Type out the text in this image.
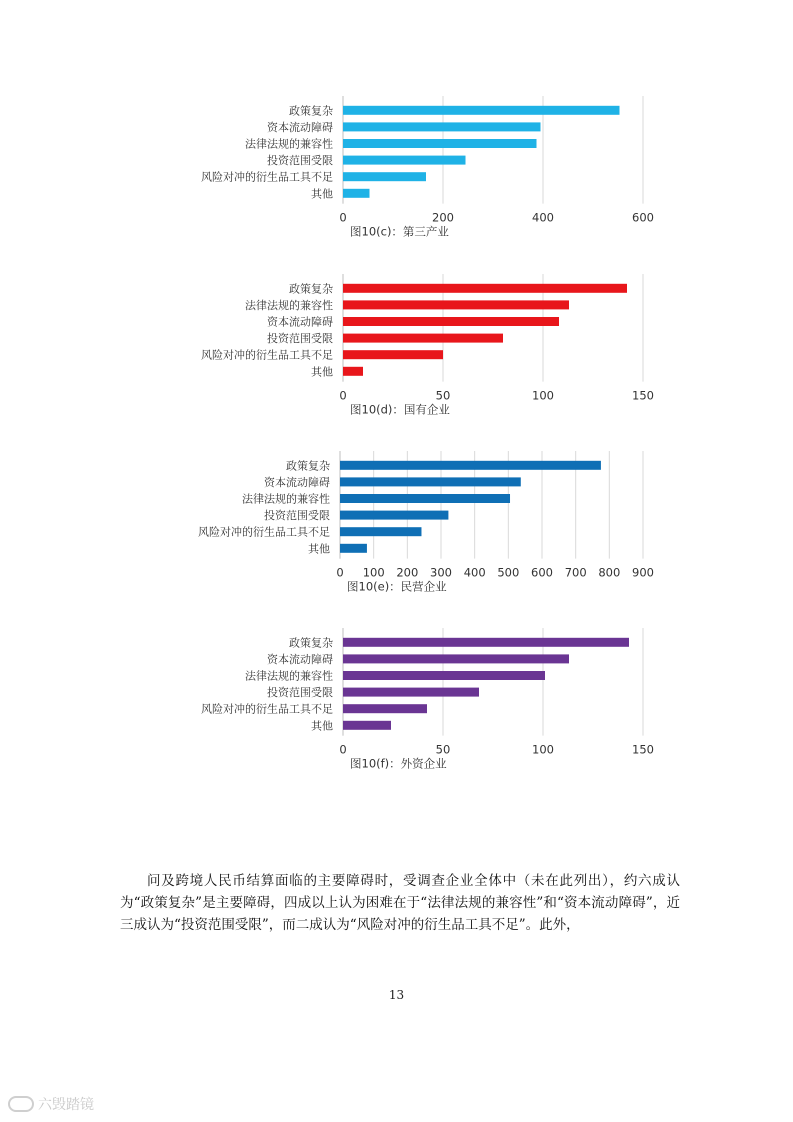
政策复杂
资本流动障碍
法律法规的兼容性
投资范围受限
风险对冲的衍生品工具不足
其他
0	200	400	600
图10(c)：第三产业
政策复杂
法律法规的兼容性
资本流动障碍
投资范围受限
风险对冲的衍生品工具不足
其他
0	50	100	150
图10(d)：国有企业
政策复杂
资本流动障碍
法律法规的兼容性
投资范围受限
风险对冲的衍生品工具不足
其他
0 100 200 300 400 500 600 700 800 900
图10(e)：民营企业
政策复杂
资本流动障碍
法律法规的兼容性
投资范围受限
风险对冲的衍生品工具不足
其他
0	50	100	150
图10(f)：外资企业

问及跨境人民币结算面临的主要障碍时，受调查企业全体中（未在此列出），约六成认为“政策复杂”是主要障碍，四成以上认为困难在于“法律法规的兼容性”和“资本流动障碍”，近三成认为“投资范围受限”，而二成认为“风险对冲的衍生品工具不足”。此外，

13
六毁踏镜
